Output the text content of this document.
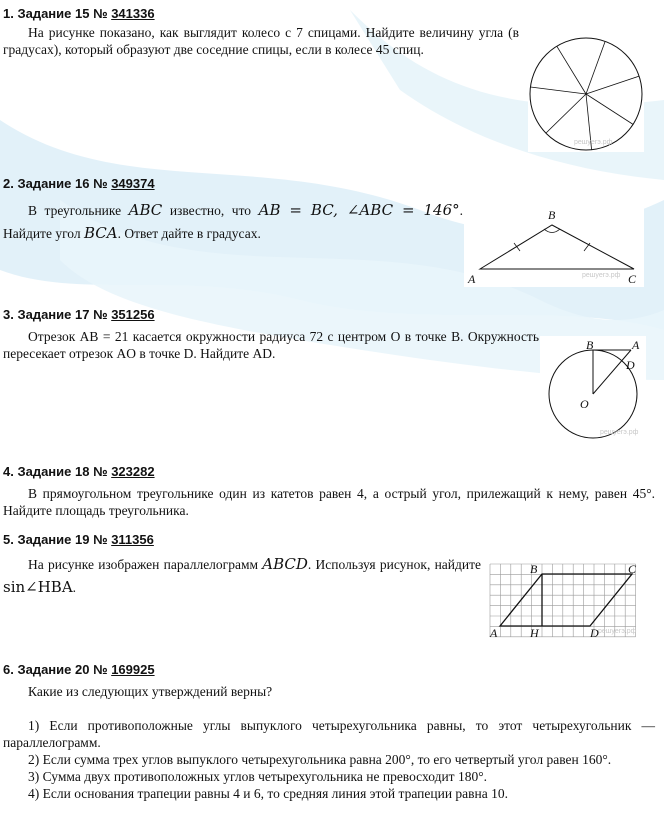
1. Задание 15 № 341336
На рисунке показано, как выглядит колесо с 7 спицами. Найдите величину угла (в градусах), который образуют две соседние спицы, если в колесе 45 спиц.
решуегэ.рф
2. Задание 16 № 349374
В треугольнике ABC известно, что AB = BC, ∠ABC = 146°. Найдите угол BCA. Ответ дайте в градусах.
A
B
C
решуегэ.рф
3. Задание 17 № 351256
Отрезок AB = 21 касается окружности радиуса 72 с центром O в точке B. Окружность пересекает отрезок AO в точке D. Найдите AD.
B	A
D
O
решуегэ.рф
4. Задание 18 № 323282
В прямоугольном треугольнике один из катетов равен 4, а острый угол, прилежащий к нему, равен 45°. Найдите площадь треугольника.
5. Задание 19 № 311356
На рисунке изображен параллелограмм ABCD. Используя рисунок, найдите sin∠HBA.
A
B	C
D
H	решуегэ.рф
6. Задание 20 № 169925
Какие из следующих утверждений верны?

1) Если противоположные углы выпуклого четырехугольника равны, то этот четырехугольник — параллелограмм.

2) Если сумма трех углов выпуклого четырехугольника равна 200°, то его четвертый угол равен 160°.

3) Сумма двух противоположных углов четырехугольника не превосходит 180°.

4) Если основания трапеции равны 4 и 6, то средняя линия этой трапеции равна 10.
